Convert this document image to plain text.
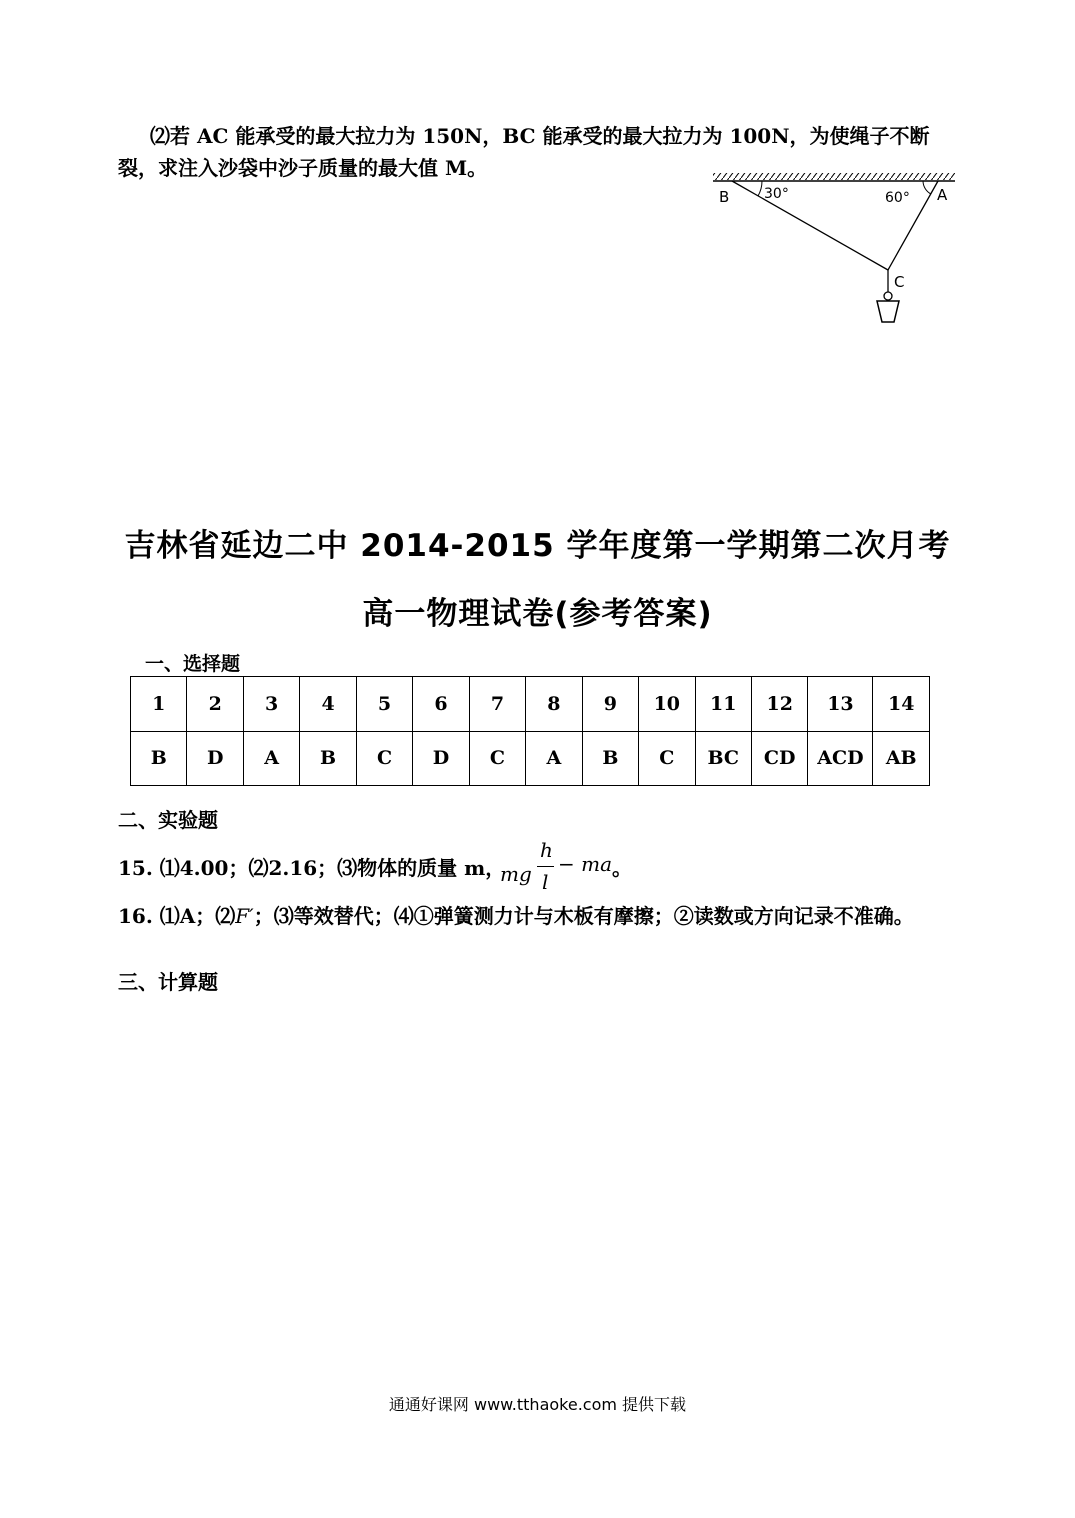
⑵若 AC 能承受的最大拉力为 150N，BC 能承受的最大拉力为 100N，为使绳子不断裂，求注入沙袋中沙子质量的最大值 M。

B 30°	60° A
C
吉林省延边二中 2014-2015 学年度第一学期第二次月考
高一物理试卷(参考答案)

一、选择题

1	2	3	4	5	6	7	8	9	10	11	12	13	14
B	D	A	B	C	D	C	A	B	C	BC	CD	ACD	AB

二、实验题

15. ⑴4.00；⑵2.16；⑶物体的质量 m，

mg
h
l
− ma 。

16. ⑴A；⑵F′；⑶等效替代；⑷①弹簧测力计与木板有摩擦；②读数或方向记录不准确。

三、计算题

通通好课网 www.tthaoke.com 提供下载
